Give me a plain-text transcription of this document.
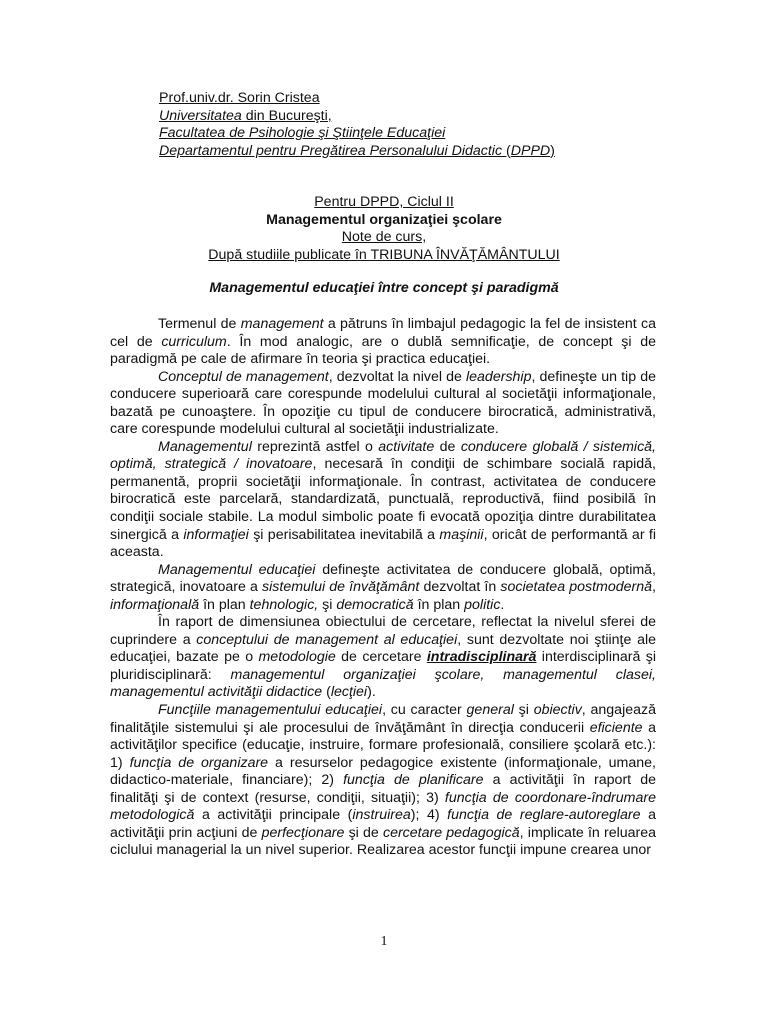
Prof.univ.dr. Sorin Cristea
Universitatea din Bucureşti,
Facultatea de Psihologie şi Ştiinţele Educaţiei
Departamentul pentru Pregătirea Personalului Didactic (DPPD)
Pentru DPPD, Ciclul II
Managementul organizaţiei şcolare
Note de curs,
După studiile publicate în TRIBUNA ÎNVĂŢĂMÂNTULUI
Managementul educaţiei între concept şi paradigmă

Termenul de management a pătruns în limbajul pedagogic la fel de insistent ca cel de curriculum. În mod analogic, are o dublă semnificaţie, de concept şi de paradigmă pe cale de afirmare în teoria şi practica educaţiei.

Conceptul de management, dezvoltat la nivel de leadership, defineşte un tip de conducere superioară care corespunde modelului cultural al societăţii informaţionale, bazată pe cunoaştere. În opoziţie cu tipul de conducere birocratică, administrativă, care corespunde modelului cultural al societăţii industrializate.

Managementul reprezintă astfel o activitate de conducere globală / sistemică, optimă, strategică / inovatoare, necesară în condiţii de schimbare socială rapidă, permanentă, proprii societăţii informaţionale. În contrast, activitatea de conducere birocratică este parcelară, standardizată, punctuală, reproductivă, fiind posibilă în condiţii sociale stabile. La modul simbolic poate fi evocată opoziţia dintre durabilitatea sinergică a informaţiei şi perisabilitatea inevitabilă a maşinii, oricât de performantă ar fi aceasta.

Managementul educaţiei defineşte activitatea de conducere globală, optimă, strategică, inovatoare a sistemului de învăţământ dezvoltat în societatea postmodernă, informaţională în plan tehnologic, şi democratică în plan politic.

În raport de dimensiunea obiectului de cercetare, reflectat la nivelul sferei de cuprindere a conceptului de management al educaţiei, sunt dezvoltate noi ştiinţe ale educaţiei, bazate pe o metodologie de cercetare intradisciplinară interdisciplinară şi pluridisciplinară: managementul organizaţiei şcolare, managementul clasei, managementul activităţii didactice (lecţiei).

Funcţiile managementului educaţiei, cu caracter general şi obiectiv, angajează finalităţile sistemului şi ale procesului de învăţământ în direcţia conducerii eficiente a activităţilor specifice (educaţie, instruire, formare profesională, consiliere şcolară etc.): 1) funcţia de organizare a resurselor pedagogice existente (informaţionale, umane, didactico-materiale, financiare); 2) funcţia de planificare a activităţii în raport de finalităţi şi de context (resurse, condiţii, situaţii); 3) funcţia de coordonare-îndrumare metodologică a activităţii principale (instruirea); 4) funcţia de reglare-autoreglare a activităţii prin acţiuni de perfecţionare şi de cercetare pedagogică, implicate în reluarea ciclului managerial la un nivel superior. Realizarea acestor funcţii impune crearea unor

1
